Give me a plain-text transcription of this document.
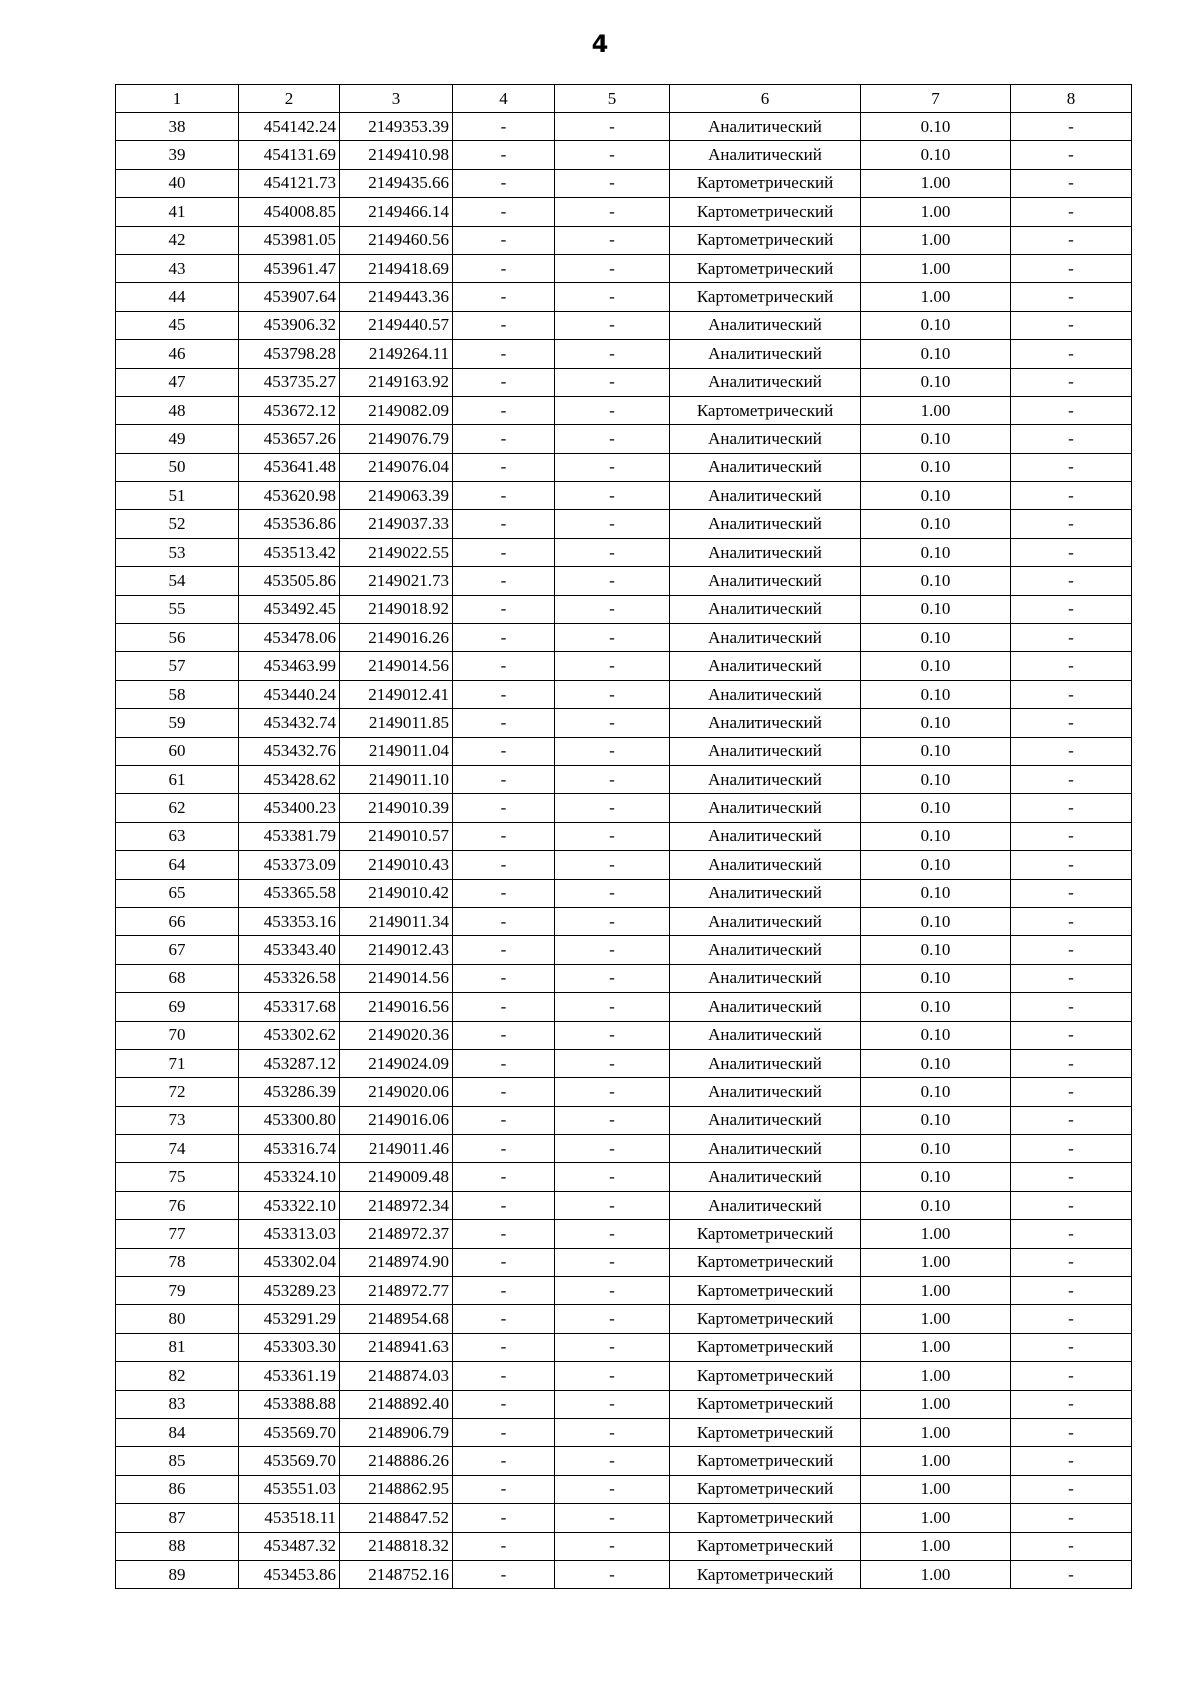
4
1	2	3	4	5	6	7	8
38	454142.24	2149353.39	-	-	Аналитический	0.10	-
39	454131.69	2149410.98	-	-	Аналитический	0.10	-
40	454121.73	2149435.66	-	-	Картометрический	1.00	-
41	454008.85	2149466.14	-	-	Картометрический	1.00	-
42	453981.05	2149460.56	-	-	Картометрический	1.00	-
43	453961.47	2149418.69	-	-	Картометрический	1.00	-
44	453907.64	2149443.36	-	-	Картометрический	1.00	-
45	453906.32	2149440.57	-	-	Аналитический	0.10	-
46	453798.28	2149264.11	-	-	Аналитический	0.10	-
47	453735.27	2149163.92	-	-	Аналитический	0.10	-
48	453672.12	2149082.09	-	-	Картометрический	1.00	-
49	453657.26	2149076.79	-	-	Аналитический	0.10	-
50	453641.48	2149076.04	-	-	Аналитический	0.10	-
51	453620.98	2149063.39	-	-	Аналитический	0.10	-
52	453536.86	2149037.33	-	-	Аналитический	0.10	-
53	453513.42	2149022.55	-	-	Аналитический	0.10	-
54	453505.86	2149021.73	-	-	Аналитический	0.10	-
55	453492.45	2149018.92	-	-	Аналитический	0.10	-
56	453478.06	2149016.26	-	-	Аналитический	0.10	-
57	453463.99	2149014.56	-	-	Аналитический	0.10	-
58	453440.24	2149012.41	-	-	Аналитический	0.10	-
59	453432.74	2149011.85	-	-	Аналитический	0.10	-
60	453432.76	2149011.04	-	-	Аналитический	0.10	-
61	453428.62	2149011.10	-	-	Аналитический	0.10	-
62	453400.23	2149010.39	-	-	Аналитический	0.10	-
63	453381.79	2149010.57	-	-	Аналитический	0.10	-
64	453373.09	2149010.43	-	-	Аналитический	0.10	-
65	453365.58	2149010.42	-	-	Аналитический	0.10	-
66	453353.16	2149011.34	-	-	Аналитический	0.10	-
67	453343.40	2149012.43	-	-	Аналитический	0.10	-
68	453326.58	2149014.56	-	-	Аналитический	0.10	-
69	453317.68	2149016.56	-	-	Аналитический	0.10	-
70	453302.62	2149020.36	-	-	Аналитический	0.10	-
71	453287.12	2149024.09	-	-	Аналитический	0.10	-
72	453286.39	2149020.06	-	-	Аналитический	0.10	-
73	453300.80	2149016.06	-	-	Аналитический	0.10	-
74	453316.74	2149011.46	-	-	Аналитический	0.10	-
75	453324.10	2149009.48	-	-	Аналитический	0.10	-
76	453322.10	2148972.34	-	-	Аналитический	0.10	-
77	453313.03	2148972.37	-	-	Картометрический	1.00	-
78	453302.04	2148974.90	-	-	Картометрический	1.00	-
79	453289.23	2148972.77	-	-	Картометрический	1.00	-
80	453291.29	2148954.68	-	-	Картометрический	1.00	-
81	453303.30	2148941.63	-	-	Картометрический	1.00	-
82	453361.19	2148874.03	-	-	Картометрический	1.00	-
83	453388.88	2148892.40	-	-	Картометрический	1.00	-
84	453569.70	2148906.79	-	-	Картометрический	1.00	-
85	453569.70	2148886.26	-	-	Картометрический	1.00	-
86	453551.03	2148862.95	-	-	Картометрический	1.00	-
87	453518.11	2148847.52	-	-	Картометрический	1.00	-
88	453487.32	2148818.32	-	-	Картометрический	1.00	-
89	453453.86	2148752.16	-	-	Картометрический	1.00	-
